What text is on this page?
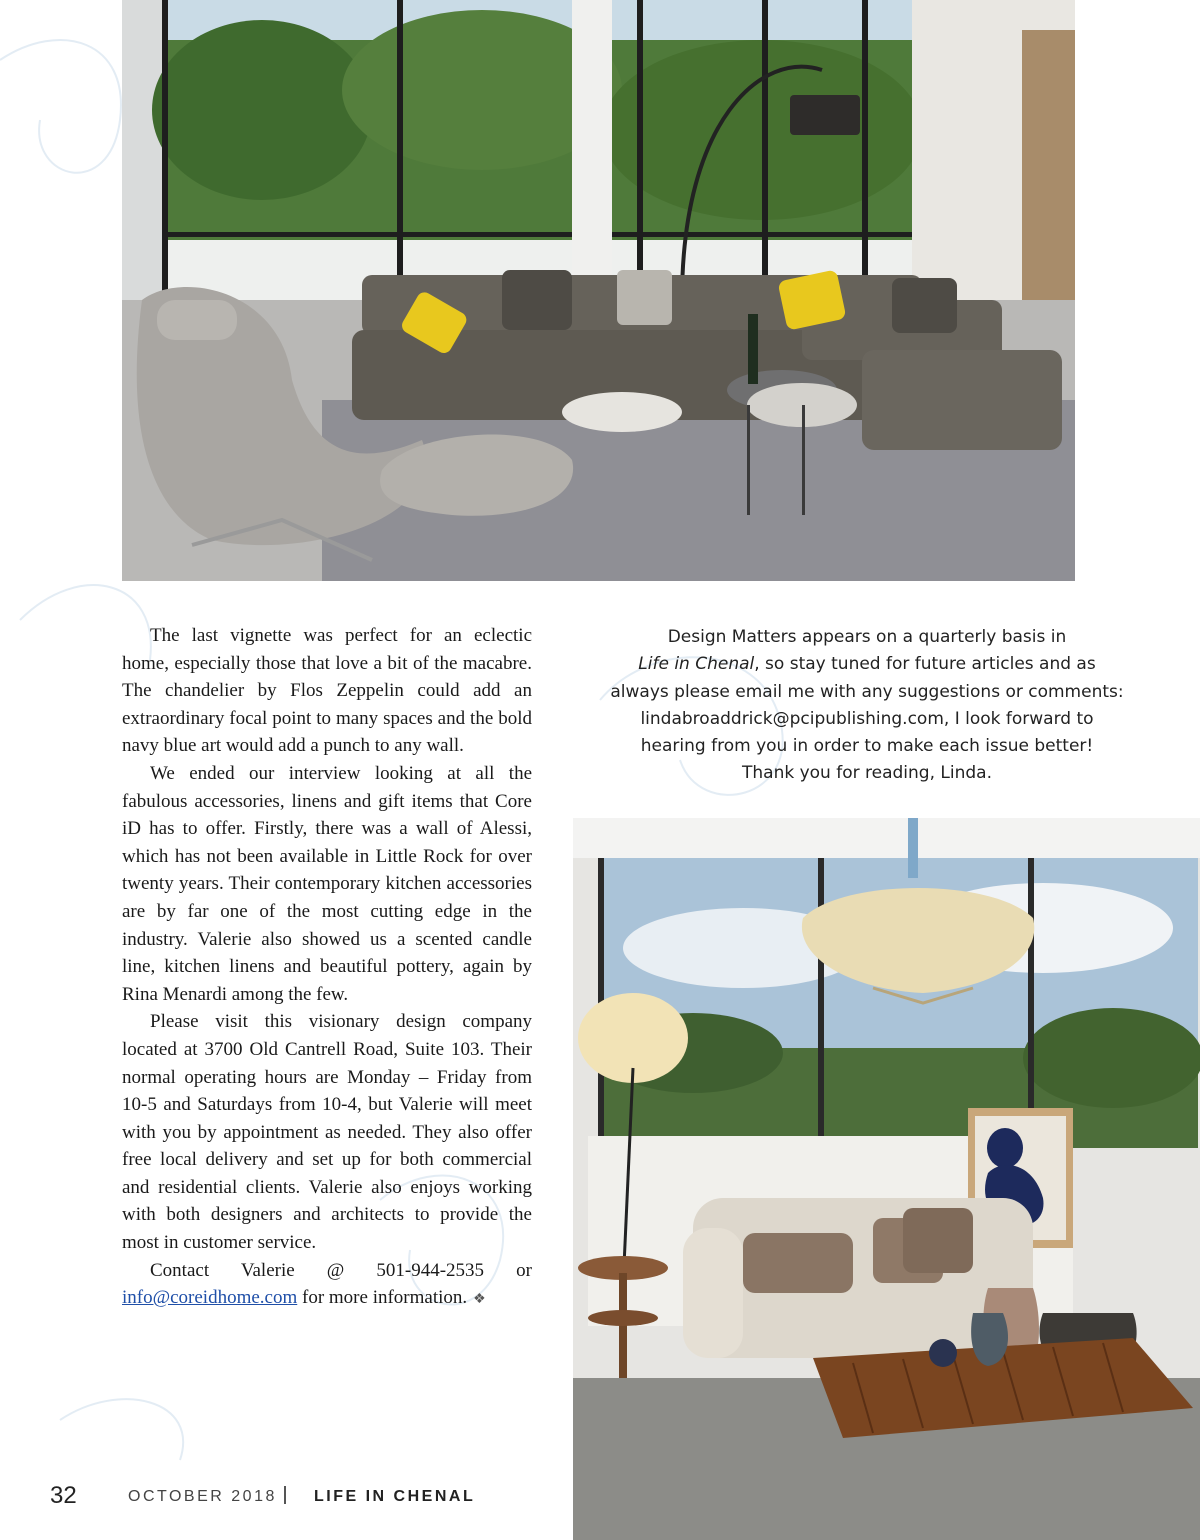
The last vignette was perfect for an eclectic home, especially those that love a bit of the macabre. The chandelier by Flos Zeppelin could add an extraordinary focal point to many spaces and the bold navy blue art would add a punch to any wall.

We ended our interview looking at all the fabulous accessories, linens and gift items that Core iD has to offer. Firstly, there was a wall of Alessi, which has not been available in Little Rock for over twenty years. Their contemporary kitchen accessories are by far one of the most cutting edge in the industry. Valerie also showed us a scented candle line, kitchen linens and beautiful pottery, again by Rina Menardi among the few.

Please visit this visionary design company located at 3700 Old Cantrell Road, Suite 103. Their normal operating hours are Monday – Friday from 10-5 and Saturdays from 10-4, but Valerie will meet with you by appointment as needed. They also offer free local delivery and set up for both commercial and residential clients. Valerie also enjoys working with both designers and architects to provide the most in customer service.

Contact Valerie @ 501-944-2535 or info@coreidhome.com for more information. ❖

Design Matters appears on a quarterly basis in
Life in Chenal, so stay tuned for future articles and as
always please email me with any suggestions or comments:
lindabroaddrick@pcipublishing.com, I look forward to
hearing from you in order to make each issue better!
Thank you for reading, Linda.
32	OCTOBER 2018 LIFE IN CHENAL
